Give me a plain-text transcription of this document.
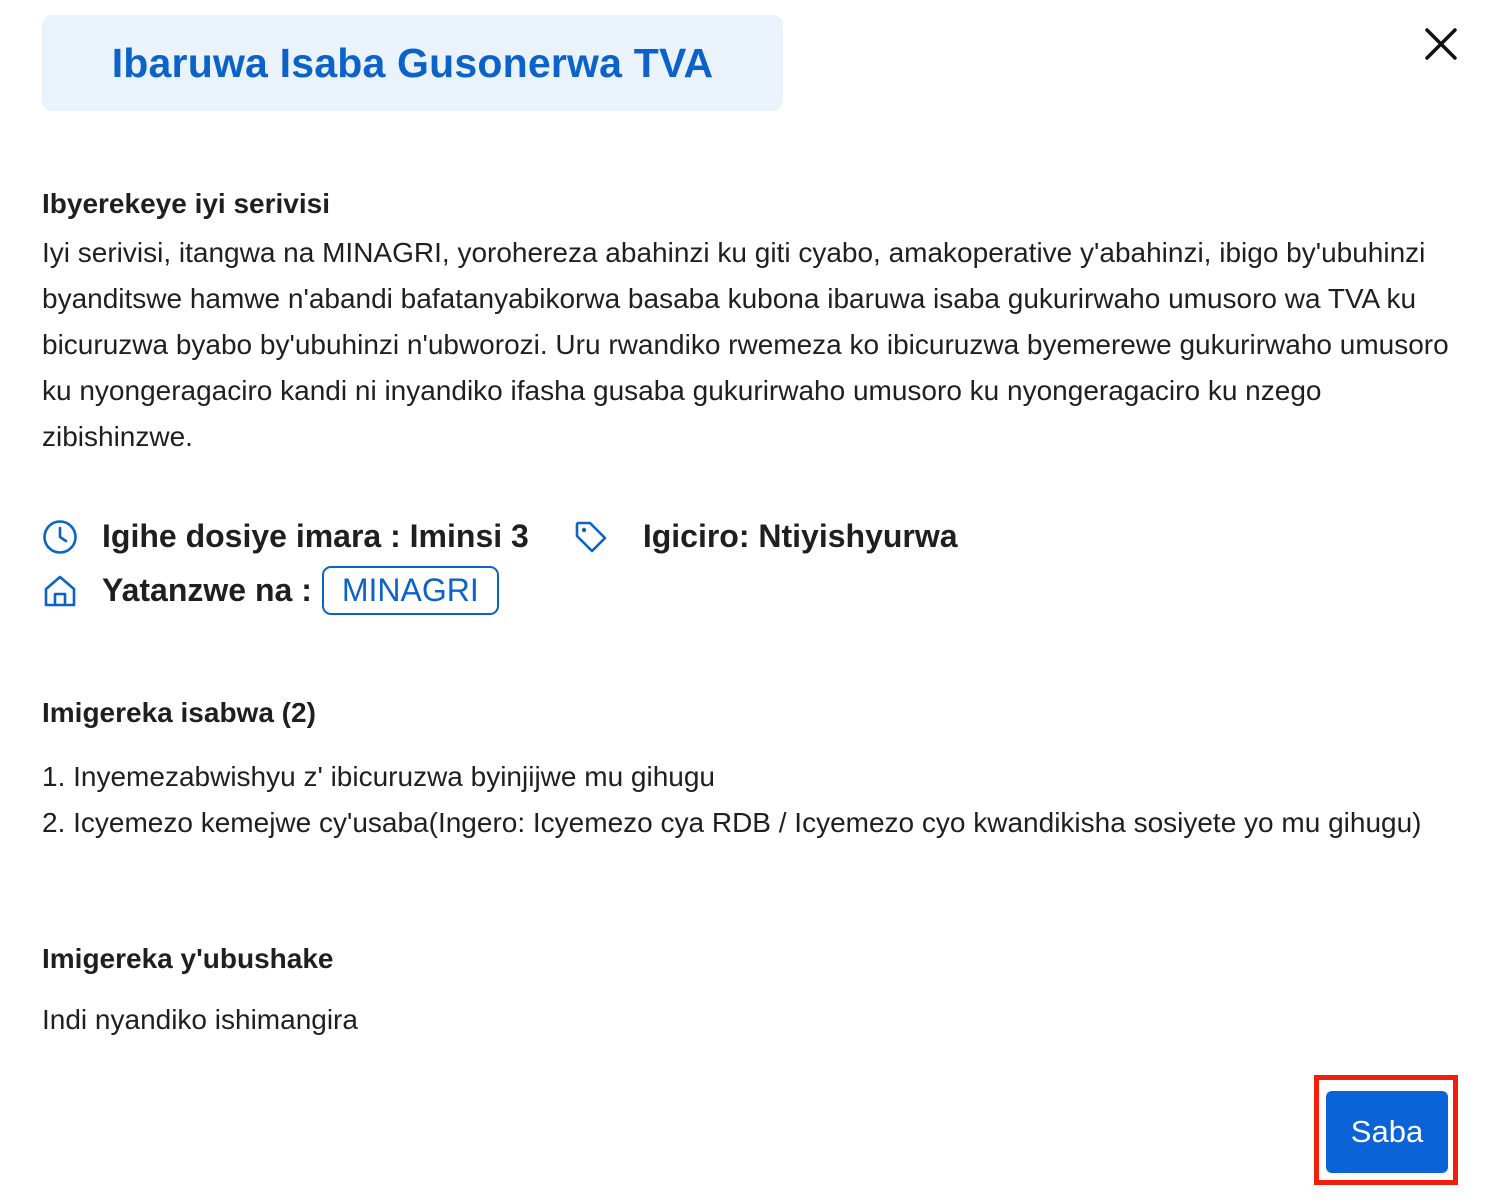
Ibaruwa Isaba Gusonerwa TVA
Ibyerekeye iyi serivisi
Iyi serivisi, itangwa na MINAGRI, yorohereza abahinzi ku giti cyabo, amakoperative y'abahinzi, ibigo by'ubuhinzi byanditswe hamwe n'abandi bafatanyabikorwa basaba kubona ibaruwa isaba gukurirwaho umusoro wa TVA ku bicuruzwa byabo by'ubuhinzi n'ubworozi. Uru rwandiko rwemeza ko ibicuruzwa byemerewe gukurirwaho umusoro ku nyongeragaciro kandi ni inyandiko ifasha gusaba gukurirwaho umusoro ku nyongeragaciro ku nzego zibishinzwe.
Igihe dosiye imara : Iminsi 3	Igiciro: Ntiyishyurwa
Yatanzwe na : MINAGRI
Imigereka isabwa (2)
1. Inyemezabwishyu z' ibicuruzwa byinjijwe mu gihugu
2. Icyemezo kemejwe cy'usaba(Ingero: Icyemezo cya RDB / Icyemezo cyo kwandikisha sosiyete yo mu gihugu)
Imigereka y'ubushake
Indi nyandiko ishimangira
Saba
